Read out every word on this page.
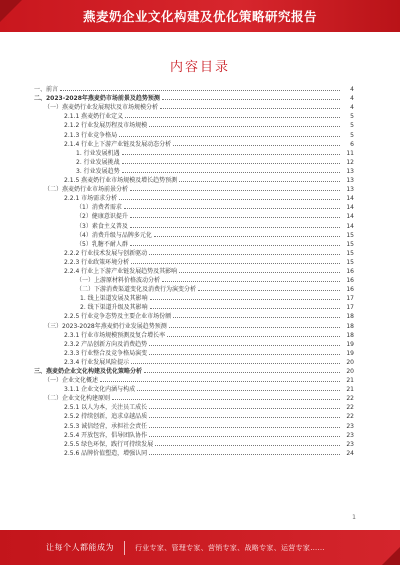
燕麦奶企业文化构建及优化策略研究报告
内容目录
一、前言	4
二、2023-2028年燕麦奶市场前景及趋势预测	4
（一）燕麦奶行业发展现状及市场规模分析	4
2.1.1 燕麦奶行业定义	5
2.1.2 行业发展历程及市场规模	5
2.1.3 行业竞争格局	5
2.1.4 行业上下游产业链及发展动态分析	6
1. 行业发展机遇	11
2. 行业发展挑战	12
3. 行业发展趋势	13
2.1.5 燕麦奶行业市场规模及增长趋势预测	13
（二）燕麦奶行业市场前景分析	13
2.2.1 市场需求分析	14
（1）消费者需求	14
（2）健康意识提升	14
（3）素食主义普及	14
（4）消费升级与品牌多元化	15
（5）乳糖不耐人群	15
2.2.2 行业技术发展与创新驱动	15
2.2.3 行业政策环境分析	15
2.2.4 行业上下游产业链发展趋势及其影响	16
（一）上游原材料价格波动分析	16
（二）下游消费渠道变化及消费行为演变分析	16
1. 线上渠道发展及其影响	17
2. 线下渠道升级及其影响	17
2.2.5 行业竞争态势及主要企业市场份额	18
（三）2023-2028年燕麦奶行业发展趋势预测	18
2.3.1 行业市场规模预测及复合增长率	18
2.3.2 产品创新方向及消费趋势	19
2.3.3 行业整合及竞争格局演变	19
2.3.4 行业发展风险提示	20
三、燕麦奶企业文化构建及优化策略分析	20
（一）企业文化概述	21
3.1.1 企业文化内涵与构成	21
（二）企业文化构建原则	22
2.5.1 以人为本，关注员工成长	22
2.5.2 持续创新，追求卓越品质	22
2.5.3 诚信经营，承担社会责任	23
2.5.4 开放包容，倡导团队协作	23
2.5.5 绿色环保，践行可持续发展	23
2.5.6 品牌价值塑造，增强认同	24
1
让每个人都能成为	行业专家、管理专家、营销专家、战略专家、运营专家……
